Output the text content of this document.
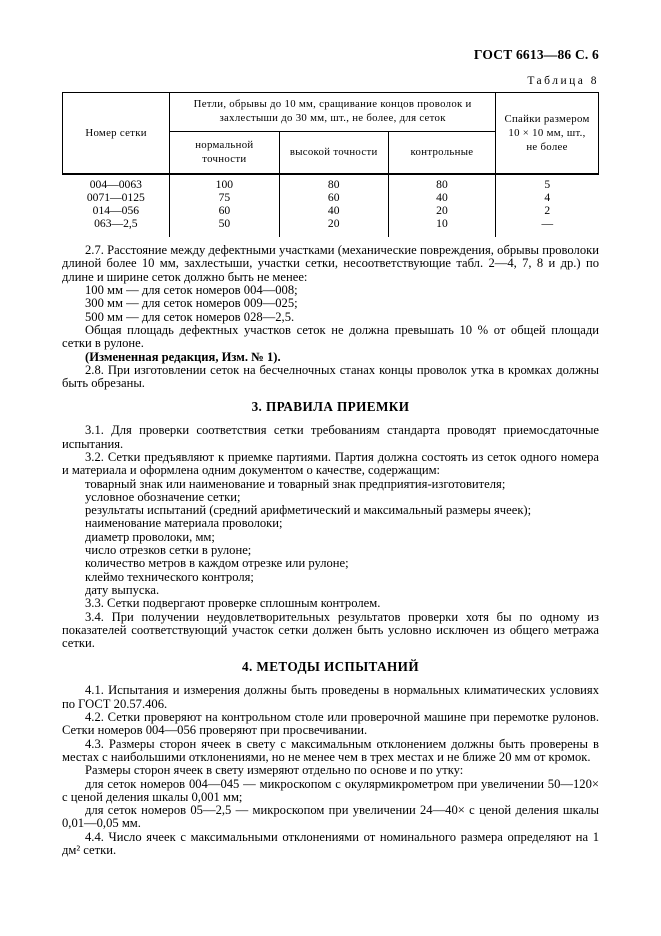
ГОСТ 6613—86 С. 6
Таблица 8
Номер сетки	Петли, обрывы до 10 мм, сращивание концов проволок и захлестыши до 30 мм, шт., не более, для сеток			Спайки размером 10 × 10 мм, шт., не более
	нормальной точности	высокой точности	контрольные	
004—0063	100	80	80	5
0071—0125	75	60	40	4
014—056	60	40	20	2
063—2,5	50	20	10	—

2.7. Расстояние между дефектными участками (механические повреждения, обрывы проволоки длиной более 10 мм, захлестыши, участки сетки, несоответствующие табл. 2—4, 7, 8 и др.) по длине и ширине сеток должно быть не менее:

100 мм — для сеток номеров 004—008;

300 мм — для сеток номеров 009—025;

500 мм — для сеток номеров 028—2,5.

Общая площадь дефектных участков сеток не должна превышать 10 % от общей площади сетки в рулоне.

(Измененная редакция, Изм. № 1).

2.8. При изготовлении сеток на бесчелночных станах концы проволок утка в кромках должны быть обрезаны.

3. ПРАВИЛА ПРИЕМКИ

3.1. Для проверки соответствия сетки требованиям стандарта проводят приемосдаточные испытания.

3.2. Сетки предъявляют к приемке партиями. Партия должна состоять из сеток одного номера и материала и оформлена одним документом о качестве, содержащим:

товарный знак или наименование и товарный знак предприятия-изготовителя;

условное обозначение сетки;

результаты испытаний (средний арифметический и максимальный размеры ячеек);

наименование материала проволоки;

диаметр проволоки, мм;

число отрезков сетки в рулоне;

количество метров в каждом отрезке или рулоне;

клеймо технического контроля;

дату выпуска.

3.3. Сетки подвергают проверке сплошным контролем.

3.4. При получении неудовлетворительных результатов проверки хотя бы по одному из показателей соответствующий участок сетки должен быть условно исключен из общего метража сетки.

4. МЕТОДЫ ИСПЫТАНИЙ

4.1. Испытания и измерения должны быть проведены в нормальных климатических условиях по ГОСТ 20.57.406.

4.2. Сетки проверяют на контрольном столе или проверочной машине при перемотке рулонов. Сетки номеров 004—056 проверяют при просвечивании.

4.3. Размеры сторон ячеек в свету с максимальным отклонением должны быть проверены в местах с наибольшими отклонениями, но не менее чем в трех местах и не ближе 20 мм от кромок.

Размеры сторон ячеек в свету измеряют отдельно по основе и по утку:

для сеток номеров 004—045 — микроскопом с окулярмикрометром при увеличении 50—120× с ценой деления шкалы 0,001 мм;

для сеток номеров 05—2,5 — микроскопом при увеличении 24—40× с ценой деления шкалы 0,01—0,05 мм.

4.4. Число ячеек с максимальными отклонениями от номинального размера определяют на 1 дм² сетки.
